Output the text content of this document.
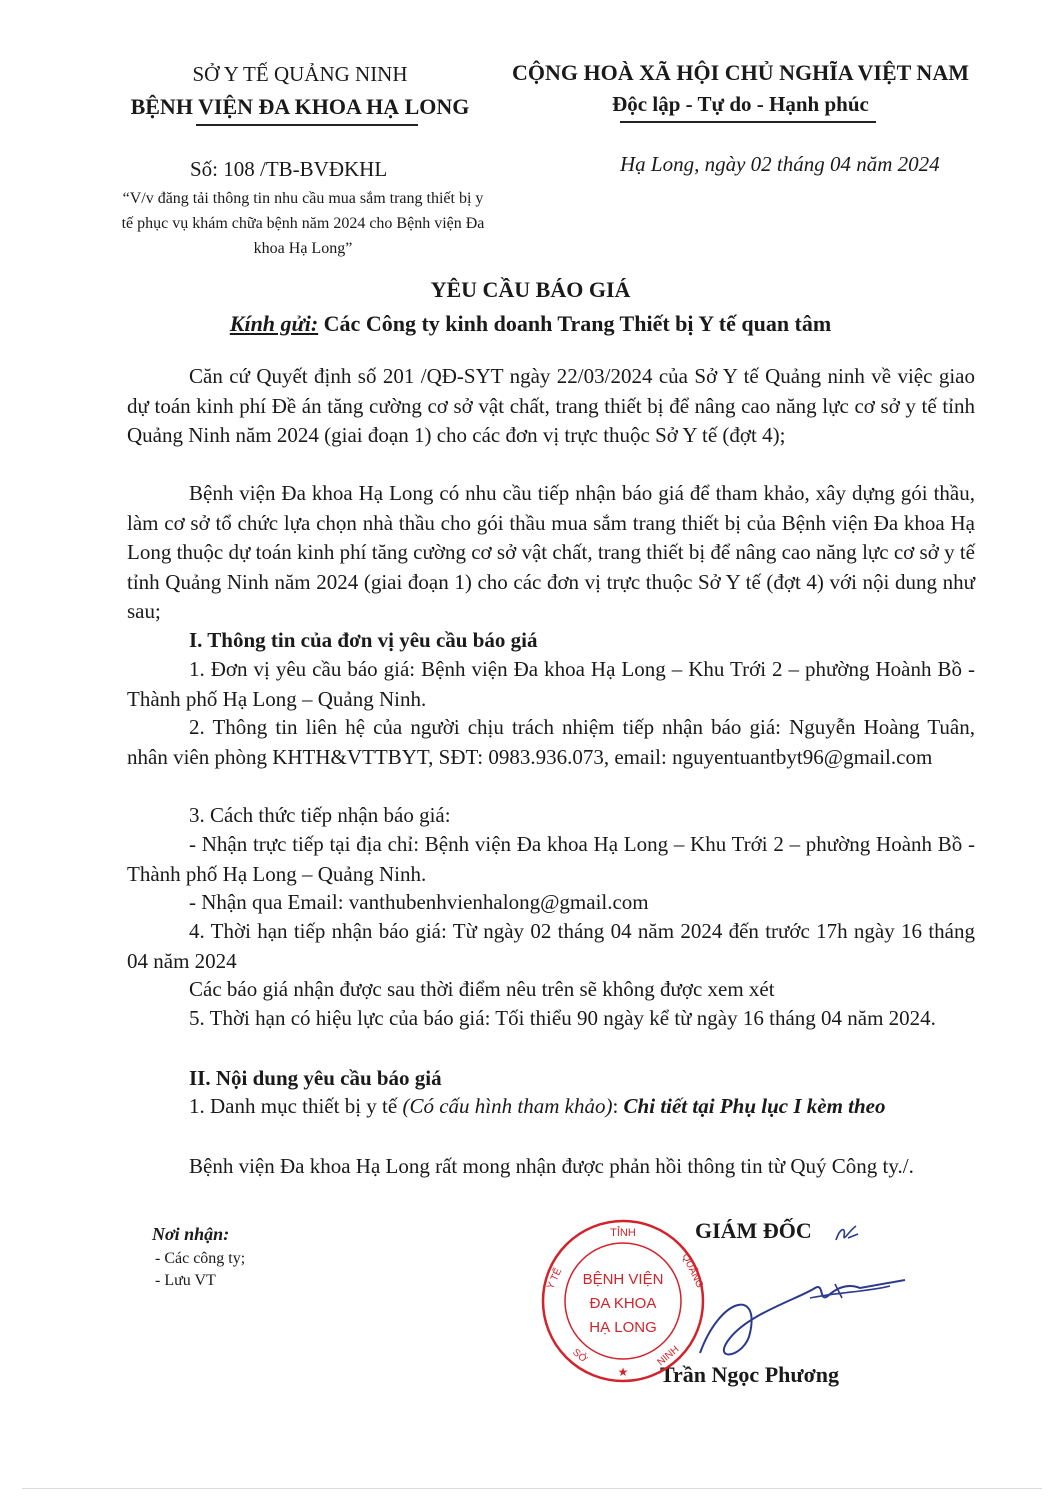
SỞ Y TẾ QUẢNG NINH
BỆNH VIỆN ĐA KHOA HẠ LONG
CỘNG HOÀ XÃ HỘI CHỦ NGHĨA VIỆT NAM
Độc lập - Tự do - Hạnh phúc
Số: 108 /TB-BVĐKHL	Hạ Long, ngày 02 tháng 04 năm 2024
“V/v đăng tải thông tin nhu cầu mua sắm trang thiết bị y tế phục vụ khám chữa bệnh năm 2024 cho Bệnh viện Đa khoa Hạ Long”
YÊU CẦU BÁO GIÁ
Kính gửi: Các Công ty kinh doanh Trang Thiết bị Y tế quan tâm
Căn cứ Quyết định số 201 /QĐ-SYT ngày 22/03/2024 của Sở Y tế Quảng ninh về việc giao dự toán kinh phí Đề án tăng cường cơ sở vật chất, trang thiết bị để nâng cao năng lực cơ sở y tế tỉnh Quảng Ninh năm 2024 (giai đoạn 1) cho các đơn vị trực thuộc Sở Y tế (đợt 4);
Bệnh viện Đa khoa Hạ Long có nhu cầu tiếp nhận báo giá để tham khảo, xây dựng gói thầu, làm cơ sở tổ chức lựa chọn nhà thầu cho gói thầu mua sắm trang thiết bị của Bệnh viện Đa khoa Hạ Long thuộc dự toán kinh phí tăng cường cơ sở vật chất, trang thiết bị để nâng cao năng lực cơ sở y tế tỉnh Quảng Ninh năm 2024 (giai đoạn 1) cho các đơn vị trực thuộc Sở Y tế (đợt 4) với nội dung như sau;
I. Thông tin của đơn vị yêu cầu báo giá
1. Đơn vị yêu cầu báo giá: Bệnh viện Đa khoa Hạ Long – Khu Trới 2 – phường Hoành Bồ - Thành phố Hạ Long – Quảng Ninh.
2. Thông tin liên hệ của người chịu trách nhiệm tiếp nhận báo giá: Nguyễn Hoàng Tuân, nhân viên phòng KHTH&VTTBYT, SĐT: 0983.936.073, email: nguyentuantbyt96@gmail.com
3. Cách thức tiếp nhận báo giá:
- Nhận trực tiếp tại địa chỉ: Bệnh viện Đa khoa Hạ Long – Khu Trới 2 – phường Hoành Bồ - Thành phố Hạ Long – Quảng Ninh.
- Nhận qua Email: vanthubenhvienhalong@gmail.com
4. Thời hạn tiếp nhận báo giá: Từ ngày 02 tháng 04 năm 2024 đến trước 17h ngày 16 tháng 04 năm 2024
Các báo giá nhận được sau thời điểm nêu trên sẽ không được xem xét
5. Thời hạn có hiệu lực của báo giá: Tối thiểu 90 ngày kể từ ngày 16 tháng 04 năm 2024.
II. Nội dung yêu cầu báo giá
1. Danh mục thiết bị y tế (Có cấu hình tham khảo): Chi tiết tại Phụ lục I kèm theo
Bệnh viện Đa khoa Hạ Long rất mong nhận được phản hồi thông tin từ Quý Công ty./.
Nơi nhận:
- Các công ty;
- Lưu VT
GIÁM ĐỐC
Trần Ngọc Phương
TỈNH
Y TẾ	QUẢNG
NINH
SỞ
★
BỆNH VIỆN
ĐA KHOA
HẠ LONG
